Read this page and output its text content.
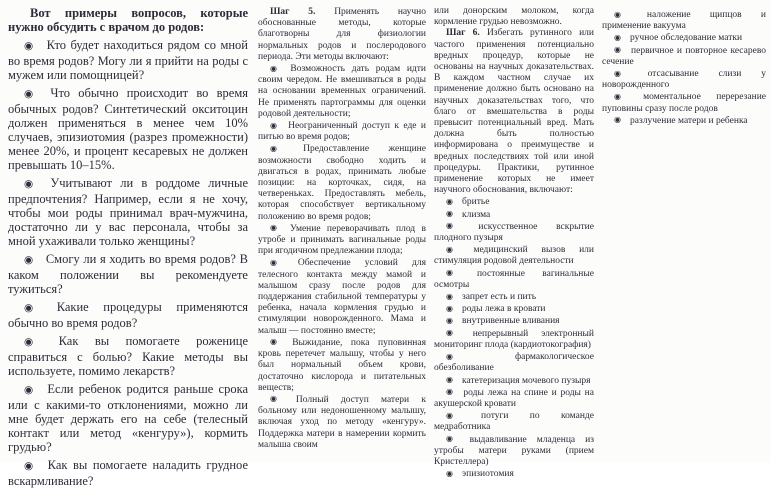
Вот примеры вопросов, которые нужно обсудить с врачом до родов:

◉ Кто будет находиться рядом со мной во время родов? Могу ли я прийти на роды с мужем или помощницей?

◉ Что обычно происходит во время обычных родов? Синтетический окситоцин должен применяться в менее чем 10% случаев, эпизиотомия (разрез промежности) менее 20%, и процент кесаревых не должен превышать 10–15%.

◉ Учитывают ли в роддоме личные предпочтения? Например, если я не хочу, чтобы мои роды принимал врач-мужчина, достаточно ли у вас персонала, чтобы за мной ухаживали только женщины?

◉ Смогу ли я ходить во время родов? В каком положении вы рекомендуете тужиться?

◉ Какие процедуры применяются обычно во время родов?

◉ Как вы помогаете роженице справиться с болью? Какие методы вы используете, помимо лекарств?

◉ Если ребенок родится раньше срока или с какими-то отклонениями, можно ли мне будет держать его на себе (телесный контакт или метод «кенгуру»), кормить грудью?

◉ Как вы помогаете наладить грудное вскармливание?

Шаг 5. Применять научно обоснованные методы, которые благотворны для физиологии нормальных родов и послеродового периода. Эти методы включают:

◉ Возможность дать родам идти своим чередом. Не вмешиваться в роды на основании временных ограничений. Не применять партограммы для оценки родовой деятельности;

◉ Неограниченный доступ к еде и питью во время родов;

◉ Предоставление женщине возможности свободно ходить и двигаться в родах, принимать любые позиции: на корточках, сидя, на четвереньках. Предоставлять мебель, которая способствует вертикальному положению во время родов;

◉ Умение переворачивать плод в утробе и принимать вагинальные роды при ягодичном предлежании плода;

◉ Обеспечение условий для телесного контакта между мамой и малышом сразу после родов для поддержания стабильной температуры у ребенка, начала кормления грудью и стимуляции новорожденного. Мама и малыш — постоянно вместе;

◉ Выжидание, пока пуповинная кровь перетечет малышу, чтобы у него был нормальный объем крови, достаточно кислорода и питательных веществ;

◉ Полный доступ матери к больному или недоношенному малышу, включая уход по методу «кенгуру». Поддержка матери в намерении кормить малыша своим

или донорским молоком, когда кормление грудью невозможно.

Шаг 6. Избегать рутинного или частого применения потенциально вредных процедур, которые не основаны на научных доказательствах. В каждом частном случае их применение должно быть основано на научных доказательствах того, что благо от вмешательства в роды превысит потенциальный вред. Мать должна быть полностью информирована о преимуществе и вредных последствиях той или иной процедуры. Практики, рутинное применение которых не имеет научного обоснования, включают:

◉ бритье

◉ клизма

◉ искусственное вскрытие плодного пузыря

◉ медицинский вызов или стимуляция родовой деятельности

◉ постоянные вагинальные осмотры

◉ запрет есть и пить

◉ роды лежа в кровати

◉ внутривенные вливания

◉ непрерывный электронный мониторинг плода (кардиотокография)

◉ фармакологическое обезболивание

◉ катетеризация мочевого пузыря

◉ роды лежа на спине и роды на акушерской кровати

◉ потуги по команде медработника

◉ выдавливание младенца из утробы матери руками (прием Кристеллера)

◉ эпизиотомия

◉ наложение щипцов и применение вакуума

◉ ручное обследование матки

◉ первичное и повторное кесарево сечение

◉ отсасывание слизи у новорожденного

◉ моментальное перерезание пуповины сразу после родов

◉ разлучение матери и ребенка
